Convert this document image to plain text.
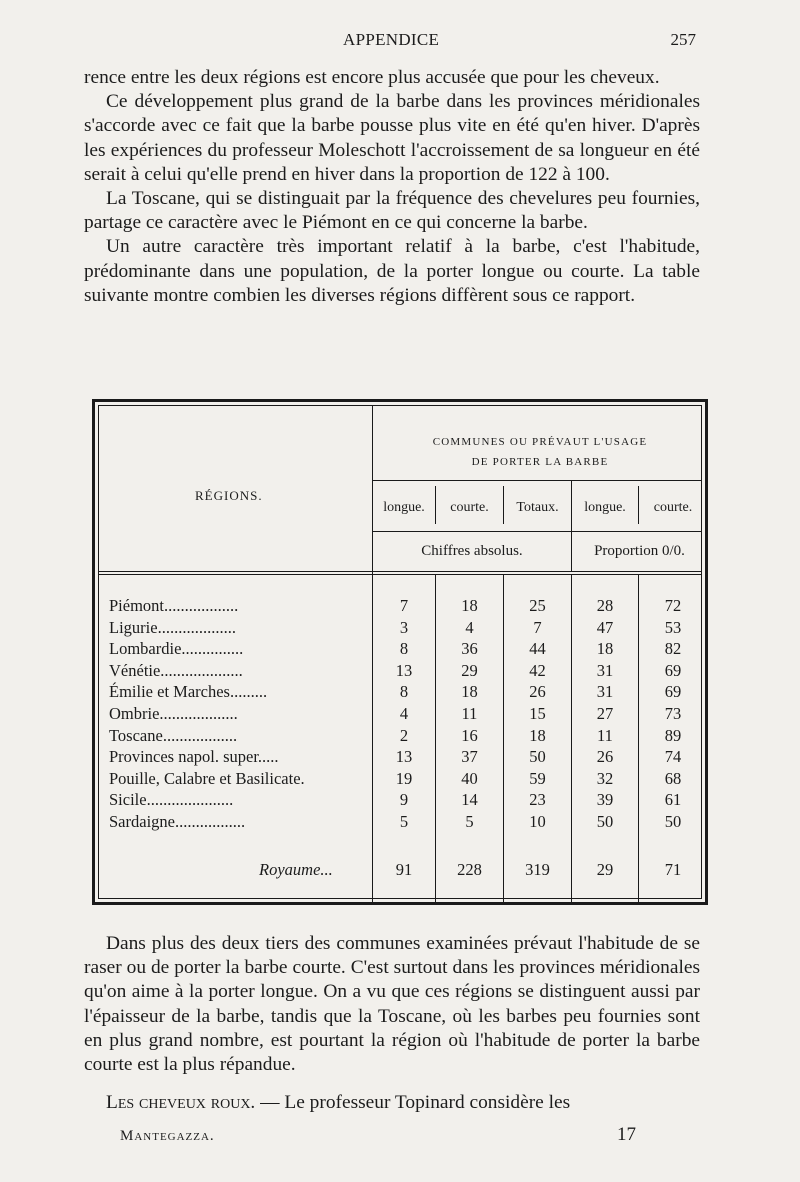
APPENDICE	257

rence entre les deux régions est encore plus accusée que pour les cheveux.

Ce développement plus grand de la barbe dans les provinces méridionales s'accorde avec ce fait que la barbe pousse plus vite en été qu'en hiver. D'après les expériences du professeur Moleschott l'accroissement de sa longueur en été serait à celui qu'elle prend en hiver dans la proportion de 122 à 100.

La Toscane, qui se distinguait par la fréquence des chevelures peu fournies, partage ce caractère avec le Piémont en ce qui concerne la barbe.

Un autre caractère très important relatif à la barbe, c'est l'habitude, prédominante dans une population, de la porter longue ou courte. La table suivante montre combien les diverses régions diffèrent sous ce rapport.

RÉGIONS.
COMMUNES OU PRÉVAUT L'USAGE
DE PORTER LA BARBE
longue.	courte.	Totaux.	longue.	courte.
Chiffres absolus.	Proportion 0/0.
Piémont..................	7	18	25	28	72
Ligurie...................	3	4	7	47	53
Lombardie...............	8	36	44	18	82
Vénétie....................	13	29	42	31	69
Émilie et Marches.........	8	18	26	31	69
Ombrie...................	4	11	15	27	73
Toscane..................	2	16	18	11	89
Provinces napol. super.....	13	37	50	26	74
Pouille, Calabre et Basilicate.	19	40	59	32	68
Sicile.....................	9	14	23	39	61
Sardaigne.................	5	5	10	50	50
Royaume...	91	228	319	29	71

Dans plus des deux tiers des communes examinées prévaut l'habitude de se raser ou de porter la barbe courte. C'est surtout dans les provinces méridionales qu'on aime à la porter longue. On a vu que ces régions se distinguent aussi par l'épaisseur de la barbe, tandis que la Toscane, où les barbes peu fournies sont en plus grand nombre, est pourtant la région où l'habitude de porter la barbe courte est la plus répandue.

Les cheveux roux. — Le professeur Topinard considère les

Mantegazza.	17
